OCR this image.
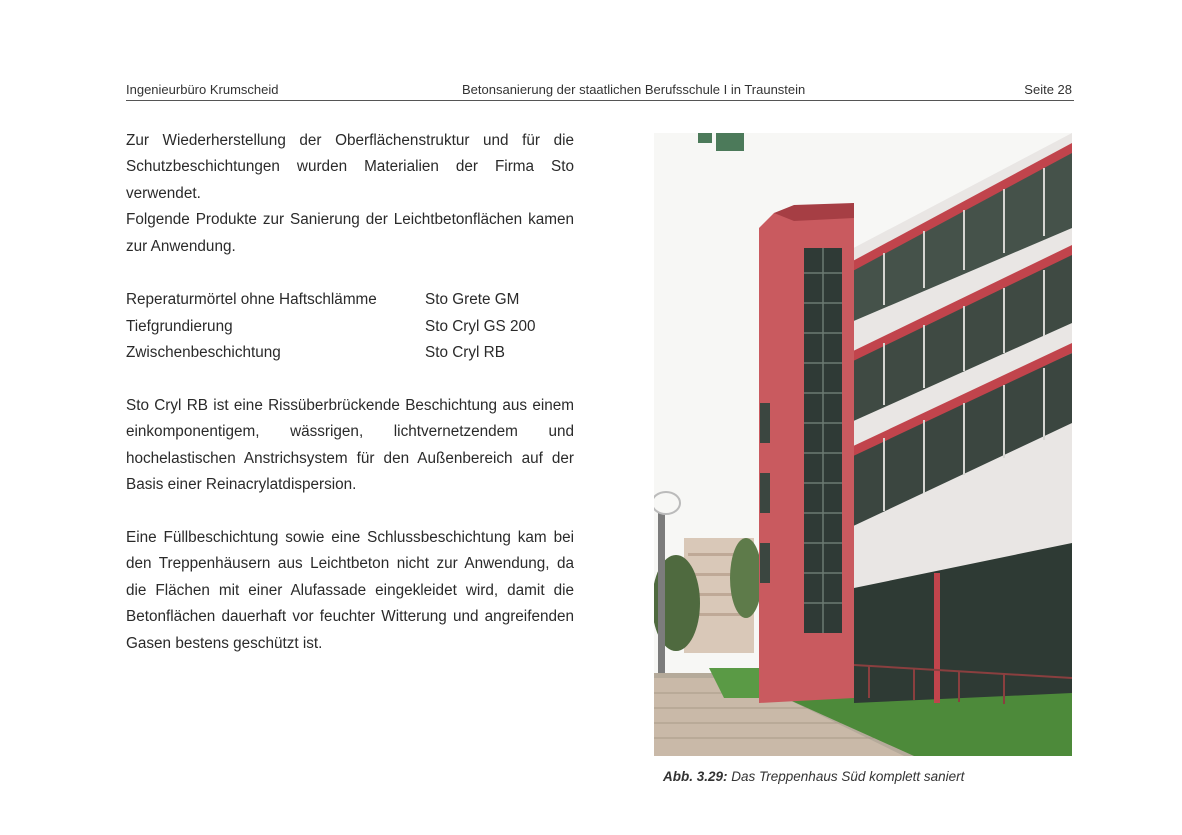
Ingenieurbüro Krumscheid	Betonsanierung der staatlichen Berufsschule I in Traunstein	Seite 28
Zur Wiederherstellung der Oberflächenstruktur und für die
Schutzbeschichtungen wurden Materialien der Firma Sto
verwendet.
Folgende Produkte zur Sanierung der Leichtbetonflächen kamen
zur Anwendung.
Reperaturmörtel ohne Haftschlämme	Sto Grete GM
Tiefgrundierung	Sto Cryl GS 200
Zwischenbeschichtung	Sto Cryl RB
Sto Cryl RB ist eine Rissüberbrückende Beschichtung aus einem
einkomponentigem, wässrigen, lichtvernetzendem und
hochelastischen Anstrichsystem für den Außenbereich auf der
Basis einer Reinacrylatdispersion.
Eine Füllbeschichtung sowie eine Schlussbeschichtung kam bei
den Treppenhäusern aus Leichtbeton nicht zur Anwendung, da
die Flächen mit einer Alufassade eingekleidet wird, damit die
Betonflächen dauerhaft vor feuchter Witterung und angreifenden
Gasen bestens geschützt ist.
Abb. 3.29: Das Treppenhaus Süd komplett saniert
